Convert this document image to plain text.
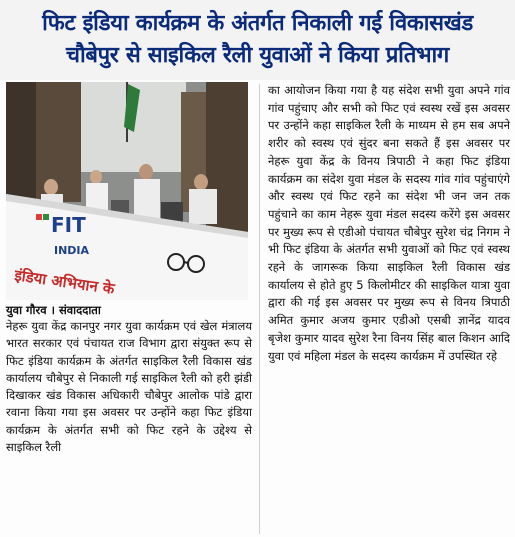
फिट इंडिया कार्यक्रम के अंतर्गत निकाली गई विकासखंड
चौबेपुर से साइकिल रैली युवाओं ने किया प्रतिभाग
FIT
INDIA
इंडिया अभियान के
युवा गौरव । संवाददाता

नेहरू युवा केंद्र कानपुर नगर युवा कार्यक्रम एवं खेल मंत्रालय भारत सरकार एवं पंचायत राज विभाग द्वारा संयुक्त रूप से फिट इंडिया कार्यक्रम के अंतर्गत साइकिल रैली विकास खंड कार्यालय चौबेपुर से निकाली गई साइकिल रैली को हरी झंडी दिखाकर खंड विकास अधिकारी चौबेपुर आलोक पांडे द्वारा रवाना किया गया इस अवसर पर उन्होंने कहा फिट इंडिया कार्यक्रम के अंतर्गत सभी को फिट रहने के उद्देश्य से साइकिल रैली

का आयोजन किया गया है यह संदेश सभी युवा अपने गांव गांव पहुंचाए और सभी को फिट एवं स्वस्थ रखें इस अवसर पर उन्होंने कहा साइकिल रैली के माध्यम से हम सब अपने शरीर को स्वस्थ एवं सुंदर बना सकते हैं इस अवसर पर नेहरू युवा केंद्र के विनय त्रिपाठी ने कहा फिट इंडिया कार्यक्रम का संदेश युवा मंडल के सदस्य गांव गांव पहुंचाएंगे और स्वस्थ एवं फिट रहने का संदेश भी जन जन तक पहुंचाने का काम नेहरू युवा मंडल सदस्य करेंगे इस अवसर पर मुख्य रूप से एडीओ पंचायत चौबेपुर सुरेश चंद्र निगम ने भी फिट इंडिया के अंतर्गत सभी युवाओं को फिट एवं स्वस्थ रहने के जागरूक किया साइकिल रैली विकास खंड कार्यालय से होते हुए 5 किलोमीटर की साइकिल यात्रा युवा द्वारा की गई इस अवसर पर मुख्य रूप से विनय त्रिपाठी अमित कुमार अजय कुमार एडीओ एसबी ज्ञानेंद्र यादव बृजेश कुमार यादव सुरेश रैना विनय सिंह बाल किशन आदि युवा एवं महिला मंडल के सदस्य कार्यक्रम में उपस्थित रहे
